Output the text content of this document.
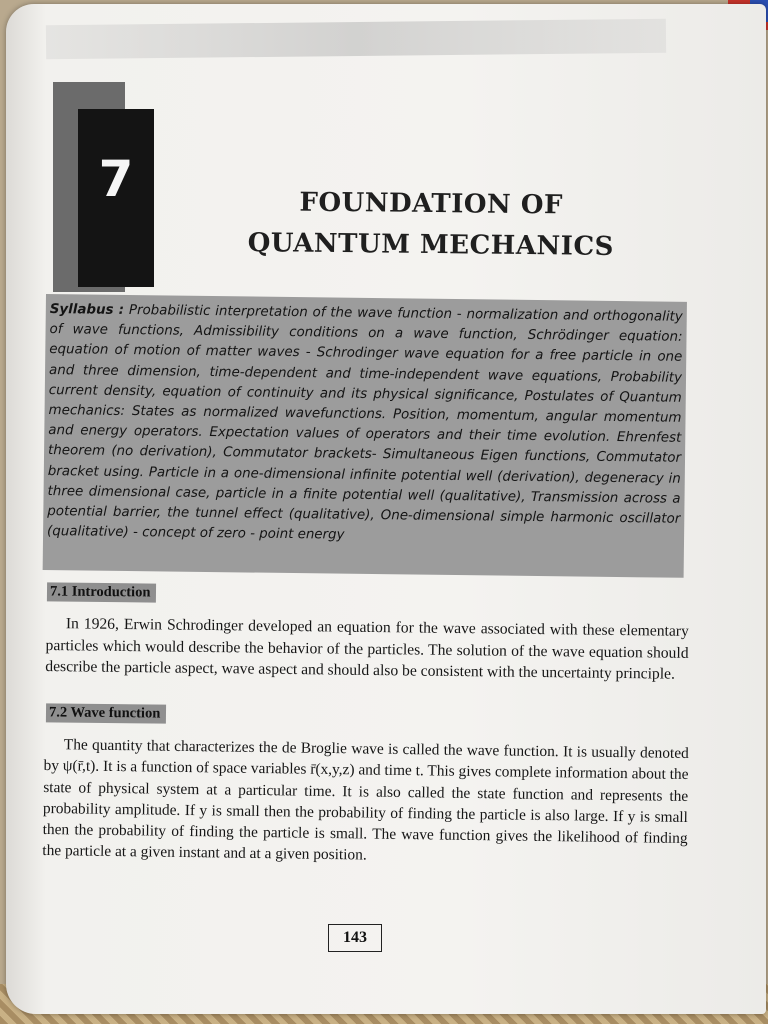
7	FOUNDATION OF
QUANTUM MECHANICS
Syllabus : Probabilistic interpretation of the wave function - normalization and orthogonality of wave functions, Admissibility conditions on a wave function, Schrödinger equation: equation of motion of matter waves - Schrodinger wave equation for a free particle in one and three dimension, time-dependent and time-independent wave equations, Probability current density, equation of continuity and its physical significance, Postulates of Quantum mechanics: States as normalized wavefunctions. Position, momentum, angular momentum and energy operators. Expectation values of operators and their time evolution. Ehrenfest theorem (no derivation), Commutator brackets- Simultaneous Eigen functions, Commutator bracket using. Particle in a one-dimensional infinite potential well (derivation), degeneracy in three dimensional case, particle in a finite potential well (qualitative), Transmission across a potential barrier, the tunnel effect (qualitative), One-dimensional simple harmonic oscillator (qualitative) - concept of zero - point energy
7.1 Introduction
In 1926, Erwin Schrodinger developed an equation for the wave associated with these elementary particles which would describe the behavior of the particles. The solution of the wave equation should describe the particle aspect, wave aspect and should also be consistent with the uncertainty principle.
7.2 Wave function
The quantity that characterizes the de Broglie wave is called the wave function. It is usually denoted by ψ(r̄,t). It is a function of space variables r̄(x,y,z) and time t. This gives complete information about the state of physical system at a particular time. It is also called the state function and represents the probability amplitude. If y is small then the probability of finding the particle is also large. If y is small then the probability of finding the particle is small. The wave function gives the likelihood of finding the particle at a given instant and at a given position.
143
